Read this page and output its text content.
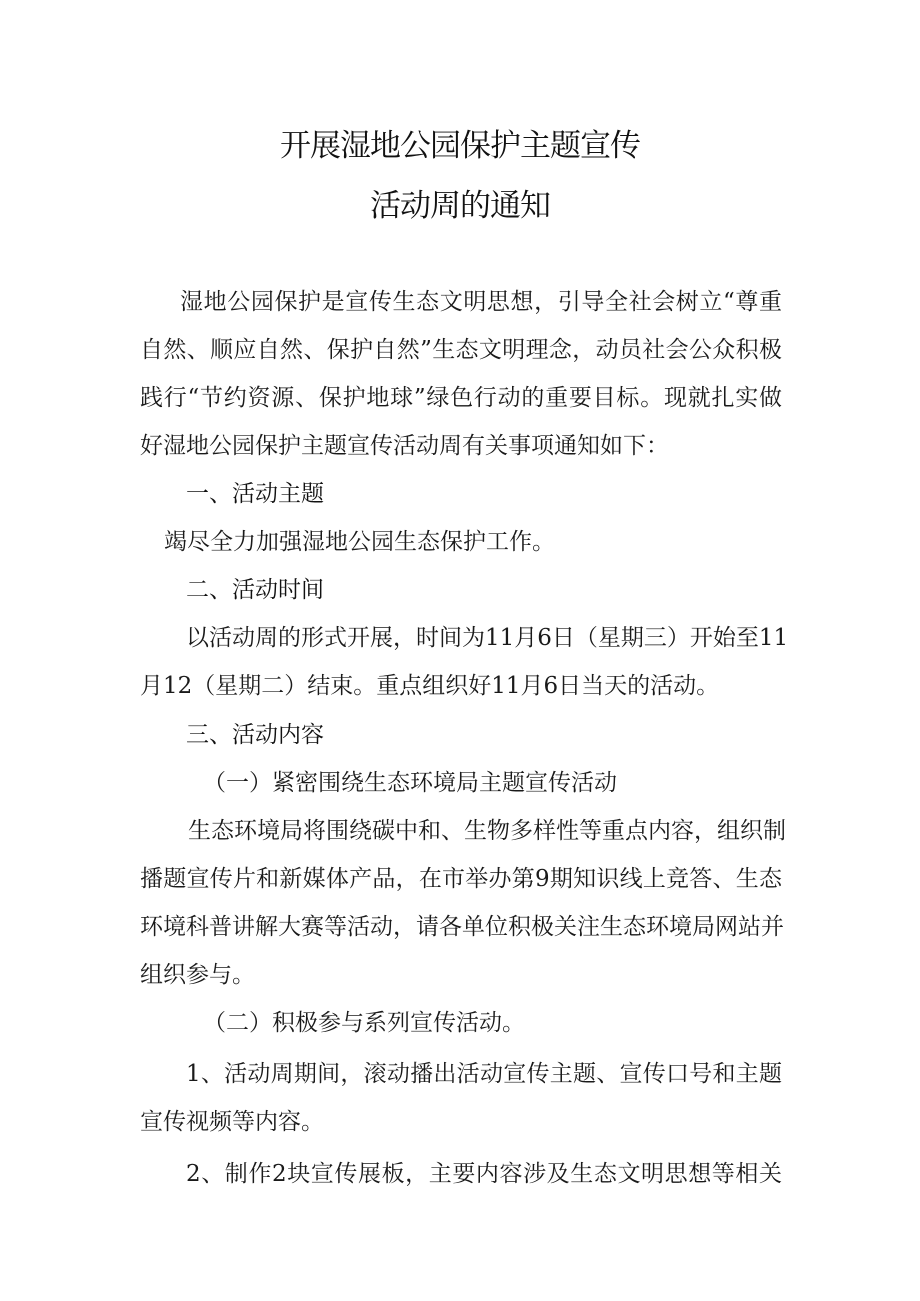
开展湿地公园保护主题宣传
活动周的通知
湿地公园保护是宣传生态文明思想，引导全社会树立“尊重
自然、顺应自然、保护自然”生态文明理念，动员社会公众积极
践行“节约资源、保护地球”绿色行动的重要目标。现就扎实做
好湿地公园保护主题宣传活动周有关事项通知如下：
一、活动主题
竭尽全力加强湿地公园生态保护工作。
二、活动时间
以活动周的形式开展，时间为11月6日（星期三）开始至11
月12（星期二）结束。重点组织好11月6日当天的活动。
三、活动内容
（一）紧密围绕生态环境局主题宣传活动
生态环境局将围绕碳中和、生物多样性等重点内容，组织制
播题宣传片和新媒体产品，在市举办第9期知识线上竞答、生态
环境科普讲解大赛等活动，请各单位积极关注生态环境局网站并
组织参与。
（二）积极参与系列宣传活动。
1、活动周期间，滚动播出活动宣传主题、宣传口号和主题
宣传视频等内容。
2、制作2块宣传展板，主要内容涉及生态文明思想等相关
